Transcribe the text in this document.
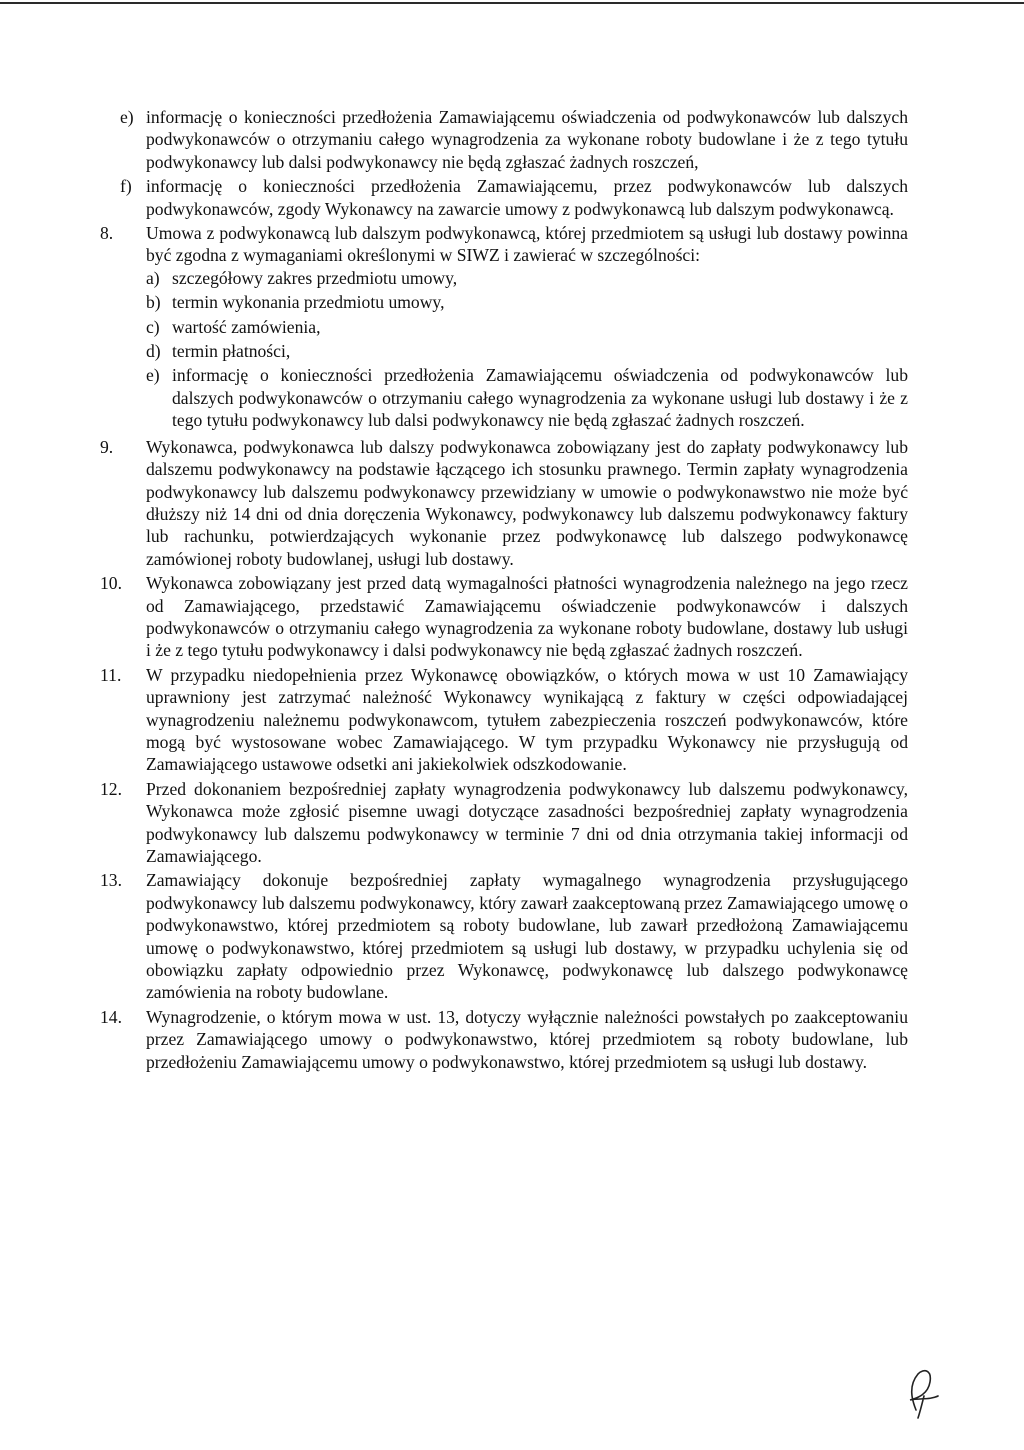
e) informację o konieczności przedłożenia Zamawiającemu oświadczenia od podwykonawców lub dalszych podwykonawców o otrzymaniu całego wynagrodzenia za wykonane roboty budowlane i że z tego tytułu podwykonawcy lub dalsi podwykonawcy nie będą zgłaszać żadnych roszczeń,
f) informację o konieczności przedłożenia Zamawiającemu, przez podwykonawców lub dalszych podwykonawców, zgody Wykonawcy na zawarcie umowy z podwykonawcą lub dalszym podwykonawcą.
8.	Umowa z podwykonawcą lub dalszym podwykonawcą, której przedmiotem są usługi lub dostawy powinna być zgodna z wymaganiami określonymi w SIWZ i zawierać w szczególności:
a) szczegółowy zakres przedmiotu umowy,
b) termin wykonania przedmiotu umowy,
c) wartość zamówienia,
d) termin płatności,
e) informację o konieczności przedłożenia Zamawiającemu oświadczenia od podwykonawców lub dalszych podwykonawców o otrzymaniu całego wynagrodzenia za wykonane usługi lub dostawy i że z tego tytułu podwykonawcy lub dalsi podwykonawcy nie będą zgłaszać żadnych roszczeń.
9.	Wykonawca, podwykonawca lub dalszy podwykonawca zobowiązany jest do zapłaty podwykonawcy lub dalszemu podwykonawcy na podstawie łączącego ich stosunku prawnego. Termin zapłaty wynagrodzenia podwykonawcy lub dalszemu podwykonawcy przewidziany w umowie o podwykonawstwo nie może być dłuższy niż 14 dni od dnia doręczenia Wykonawcy, podwykonawcy lub dalszemu podwykonawcy faktury lub rachunku, potwierdzających wykonanie przez podwykonawcę lub dalszego podwykonawcę zamówionej roboty budowlanej, usługi lub dostawy.
10.	Wykonawca zobowiązany jest przed datą wymagalności płatności wynagrodzenia należnego na jego rzecz od Zamawiającego, przedstawić Zamawiającemu oświadczenie podwykonawców i dalszych podwykonawców o otrzymaniu całego wynagrodzenia za wykonane roboty budowlane, dostawy lub usługi i że z tego tytułu podwykonawcy i dalsi podwykonawcy nie będą zgłaszać żadnych roszczeń.
11.	W przypadku niedopełnienia przez Wykonawcę obowiązków, o których mowa w ust 10 Zamawiający uprawniony jest zatrzymać należność Wykonawcy wynikającą z faktury w części odpowiadającej wynagrodzeniu należnemu podwykonawcom, tytułem zabezpieczenia roszczeń podwykonawców, które mogą być wystosowane wobec Zamawiającego. W tym przypadku Wykonawcy nie przysługują od Zamawiającego ustawowe odsetki ani jakiekolwiek odszkodowanie.
12.	Przed dokonaniem bezpośredniej zapłaty wynagrodzenia podwykonawcy lub dalszemu podwykonawcy, Wykonawca może zgłosić pisemne uwagi dotyczące zasadności bezpośredniej zapłaty wynagrodzenia podwykonawcy lub dalszemu podwykonawcy w terminie 7 dni od dnia otrzymania takiej informacji od Zamawiającego.
13.	Zamawiający dokonuje bezpośredniej zapłaty wymagalnego wynagrodzenia przysługującego podwykonawcy lub dalszemu podwykonawcy, który zawarł zaakceptowaną przez Zamawiającego umowę o podwykonawstwo, której przedmiotem są roboty budowlane, lub zawarł przedłożoną Zamawiającemu umowę o podwykonawstwo, której przedmiotem są usługi lub dostawy, w przypadku uchylenia się od obowiązku zapłaty odpowiednio przez Wykonawcę, podwykonawcę lub dalszego podwykonawcę zamówienia na roboty budowlane.
14.	Wynagrodzenie, o którym mowa w ust. 13, dotyczy wyłącznie należności powstałych po zaakceptowaniu przez Zamawiającego umowy o podwykonawstwo, której przedmiotem są roboty budowlane, lub przedłożeniu Zamawiającemu umowy o podwykonawstwo, której przedmiotem są usługi lub dostawy.
